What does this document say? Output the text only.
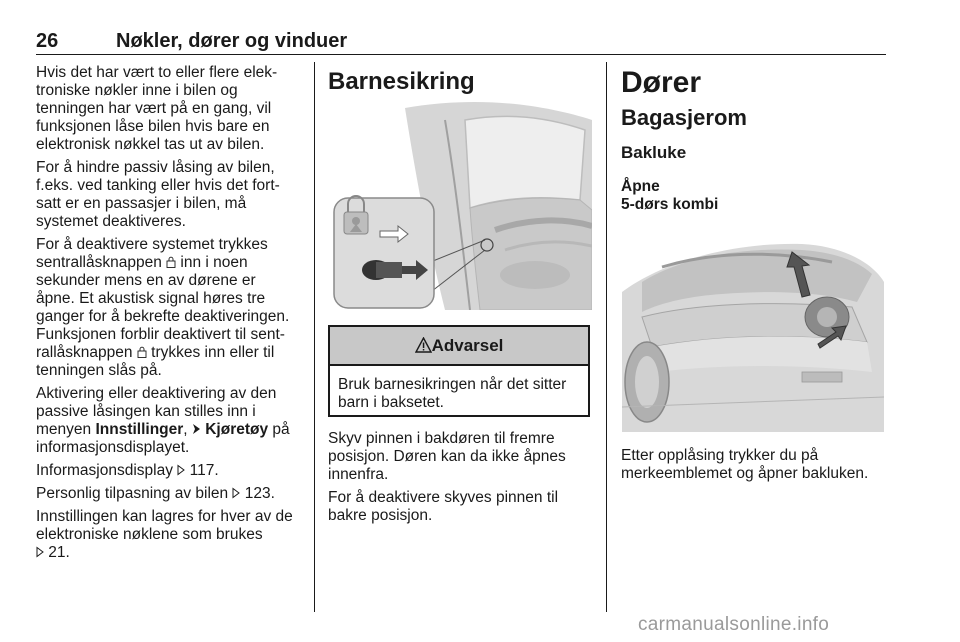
26	Nøkler, dører og vinduer

Hvis det har vært to eller flere elek-
troniske nøkler inne i bilen og
tenningen har vært på en gang, vil
funksjonen låse bilen hvis bare en
elektronisk nøkkel tas ut av bilen.

For å hindre passiv låsing av bilen,
f.eks. ved tanking eller hvis det fort-
satt er en passasjer i bilen, må
systemet deaktiveres.

For å deaktivere systemet trykkes
sentrallåsknappen  inn i noen
sekunder mens en av dørene er
åpne. Et akustisk signal høres tre
ganger for å bekrefte deaktiveringen.
Funksjonen forblir deaktivert til sent-
rallåsknappen  trykkes inn eller til
tenningen slås på.

Aktivering eller deaktivering av den
passive låsingen kan stilles inn i
menyen Innstillinger,  Kjøretøy på
informasjonsdisplayet.

Informasjonsdisplay  117.

Personlig tilpasning av bilen  123.

Innstillingen kan lagres for hver av de
elektroniske nøklene som brukes
21.

Barnesikring
Advarsel
Bruk barnesikringen når det sitter
barn i baksetet.

Skyv pinnen i bakdøren til fremre
posisjon. Døren kan da ikke åpnes
innenfra.

For å deaktivere skyves pinnen til
bakre posisjon.

Dører
Bagasjerom
Bakluke
Åpne
5-dørs kombi

Etter opplåsing trykker du på
merkeemblemet og åpner bakluken.

carmanualsonline.info
